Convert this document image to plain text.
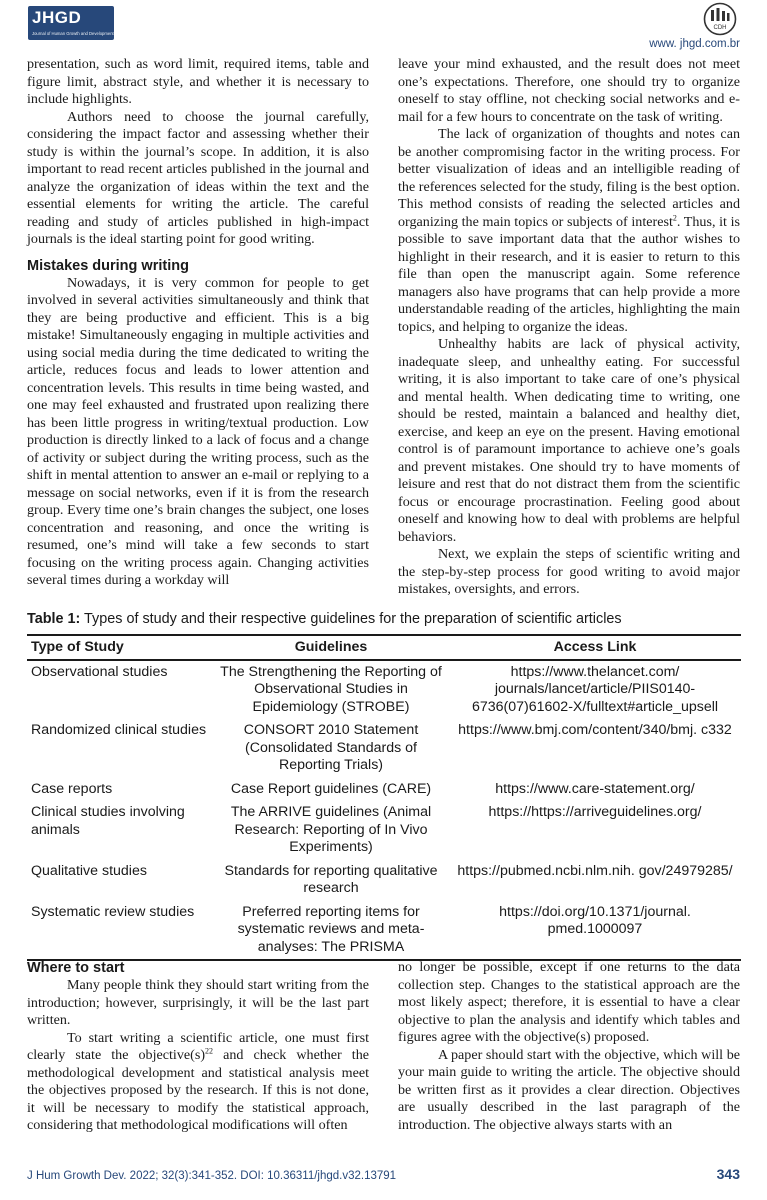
JHGD
Journal of Human Growth and Development
CDH
www. jhgd.com.br

presentation, such as word limit, required items, table and figure limit, abstract style, and whether it is necessary to include highlights.

Authors need to choose the journal carefully, considering the impact factor and assessing whether their study is within the journal’s scope. In addition, it is also important to read recent articles published in the journal and analyze the organization of ideas within the text and the essential elements for writing the article. The careful reading and study of articles published in high-impact journals is the ideal starting point for good writing.

Mistakes during writing

Nowadays, it is very common for people to get involved in several activities simultaneously and think that they are being productive and efficient. This is a big mistake! Simultaneously engaging in multiple activities and using social media during the time dedicated to writing the article, reduces focus and leads to lower attention and concentration levels. This results in time being wasted, and one may feel exhausted and frustrated upon realizing there has been little progress in writing/textual production. Low production is directly linked to a lack of focus and a change of activity or subject during the writing process, such as the shift in mental attention to answer an e-mail or replying to a message on social networks, even if it is from the research group. Every time one’s brain changes the subject, one loses concentration and reasoning, and once the writing is resumed, one’s mind will take a few seconds to start focusing on the writing process again. Changing activities several times during a workday will

leave your mind exhausted, and the result does not meet one’s expectations. Therefore, one should try to organize oneself to stay offline, not checking social networks and e-mail for a few hours to concentrate on the task of writing.

The lack of organization of thoughts and notes can be another compromising factor in the writing process. For better visualization of ideas and an intelligible reading of the references selected for the study, filing is the best option. This method consists of reading the selected articles and organizing the main topics or subjects of interest$^2$. Thus, it is possible to save important data that the author wishes to highlight in their research, and it is easier to return to this file than open the manuscript again. Some reference managers also have programs that can help provide a more understandable reading of the articles, highlighting the main topics, and helping to organize the ideas.

Unhealthy habits are lack of physical activity, inadequate sleep, and unhealthy eating. For successful writing, it is also important to take care of one’s physical and mental health. When dedicating time to writing, one should be rested, maintain a balanced and healthy diet, exercise, and keep an eye on the present. Having emotional control is of paramount importance to achieve one’s goals and prevent mistakes. One should try to have moments of leisure and rest that do not distract them from the scientific focus or encourage procrastination. Feeling good about oneself and knowing how to deal with problems are helpful behaviors.

Next, we explain the steps of scientific writing and the step-by-step process for good writing to avoid major mistakes, oversights, and errors.

Table 1: Types of study and their respective guidelines for the preparation of scientific articles
Type of Study	Guidelines	Access Link
Observational studies	The Strengthening the Reporting of Observational Studies in Epidemiology (STROBE)	https://www.thelancet.com/ journals/lancet/article/PIIS0140-6736(07)61602-X/fulltext#article_upsell
Randomized clinical studies	CONSORT 2010 Statement (Consolidated Standards of Reporting Trials)	https://www.bmj.com/content/340/bmj. c332
Case reports	Case Report guidelines (CARE)	https://www.care-statement.org/
Clinical studies involving animals	The ARRIVE guidelines (Animal Research: Reporting of In Vivo Experiments)	https://https://arriveguidelines.org/
Qualitative studies	Standards for reporting qualitative research	https://pubmed.ncbi.nlm.nih. gov/24979285/
Systematic review studies	Preferred reporting items for systematic reviews and meta-analyses: The PRISMA	https://doi.org/10.1371/journal. pmed.1000097
Where to start

Many people think they should start writing from the introduction; however, surprisingly, it will be the last part written.

To start writing a scientific article, one must first clearly state the $objective(s)^{22}$ and check whether the methodological development and statistical analysis meet the objectives proposed by the research. If this is not done, it will be necessary to modify the statistical approach, considering that methodological modifications will often

no longer be possible, except if one returns to the data collection step. Changes to the statistical approach are the most likely aspect; therefore, it is essential to have a clear objective to plan the analysis and identify which tables and figures agree with the objective(s) proposed.

A paper should start with the objective, which will be your main guide to writing the article. The objective should be written first as it provides a clear direction. Objectives are usually described in the last paragraph of the introduction. The objective always starts with an

J Hum Growth Dev. 2022; 32(3):341-352. DOI: 10.36311/jhgd.v32.13791	343
